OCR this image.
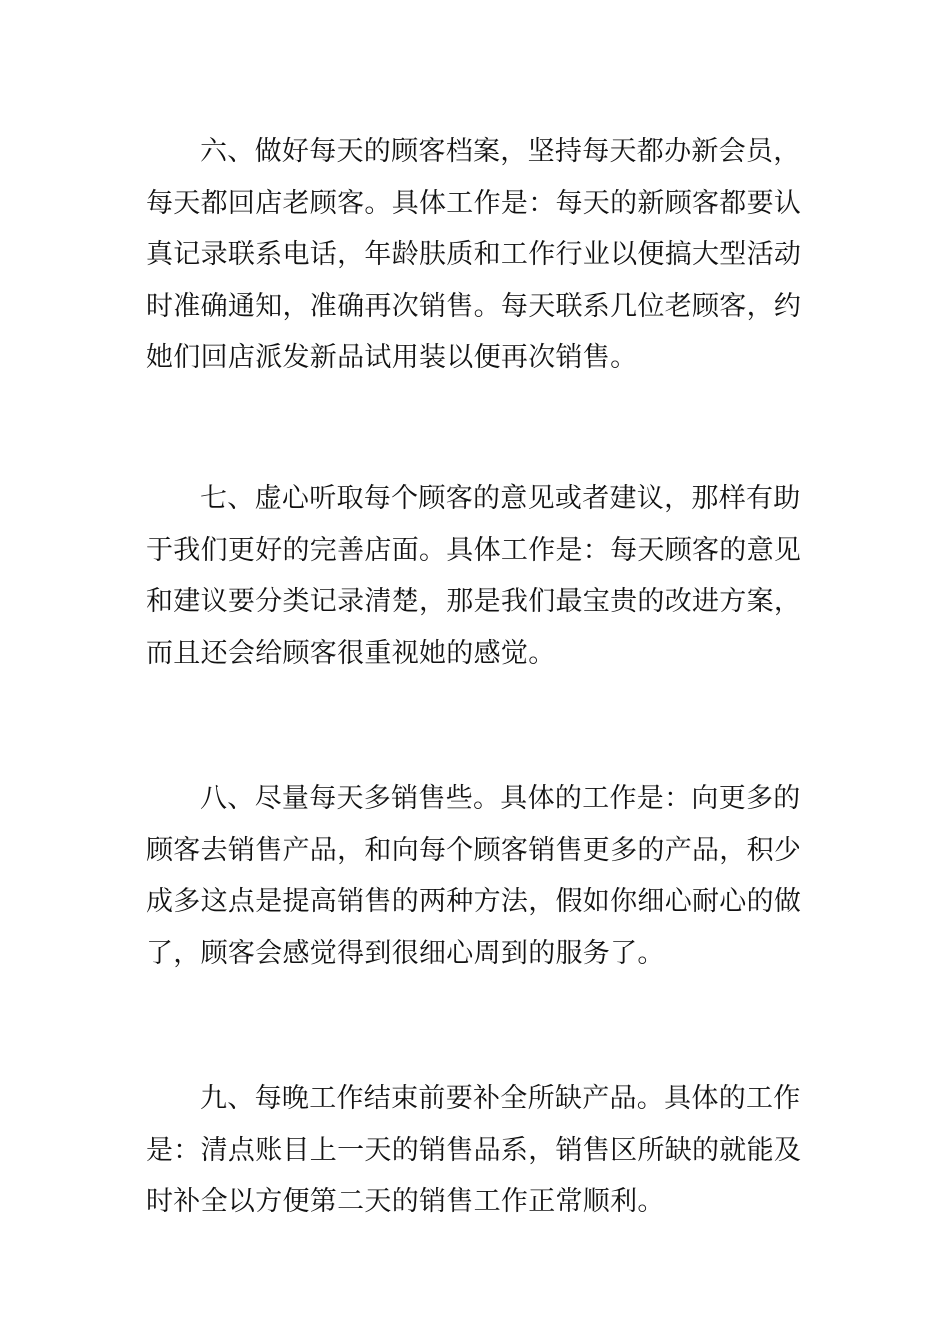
六、做好每天的顾客档案，坚持每天都办新会员，每天都回店老顾客。具体工作是：每天的新顾客都要认真记录联系电话，年龄肤质和工作行业以便搞大型活动时准确通知，准确再次销售。每天联系几位老顾客，约她们回店派发新品试用装以便再次销售。

七、虚心听取每个顾客的意见或者建议，那样有助于我们更好的完善店面。具体工作是：每天顾客的意见和建议要分类记录清楚，那是我们最宝贵的改进方案，而且还会给顾客很重视她的感觉。

八、尽量每天多销售些。具体的工作是：向更多的顾客去销售产品，和向每个顾客销售更多的产品，积少成多这点是提高销售的两种方法，假如你细心耐心的做了，顾客会感觉得到很细心周到的服务了。

九、每晚工作结束前要补全所缺产品。具体的工作是：清点账目上一天的销售品系，销售区所缺的就能及时补全以方便第二天的销售工作正常顺利。
